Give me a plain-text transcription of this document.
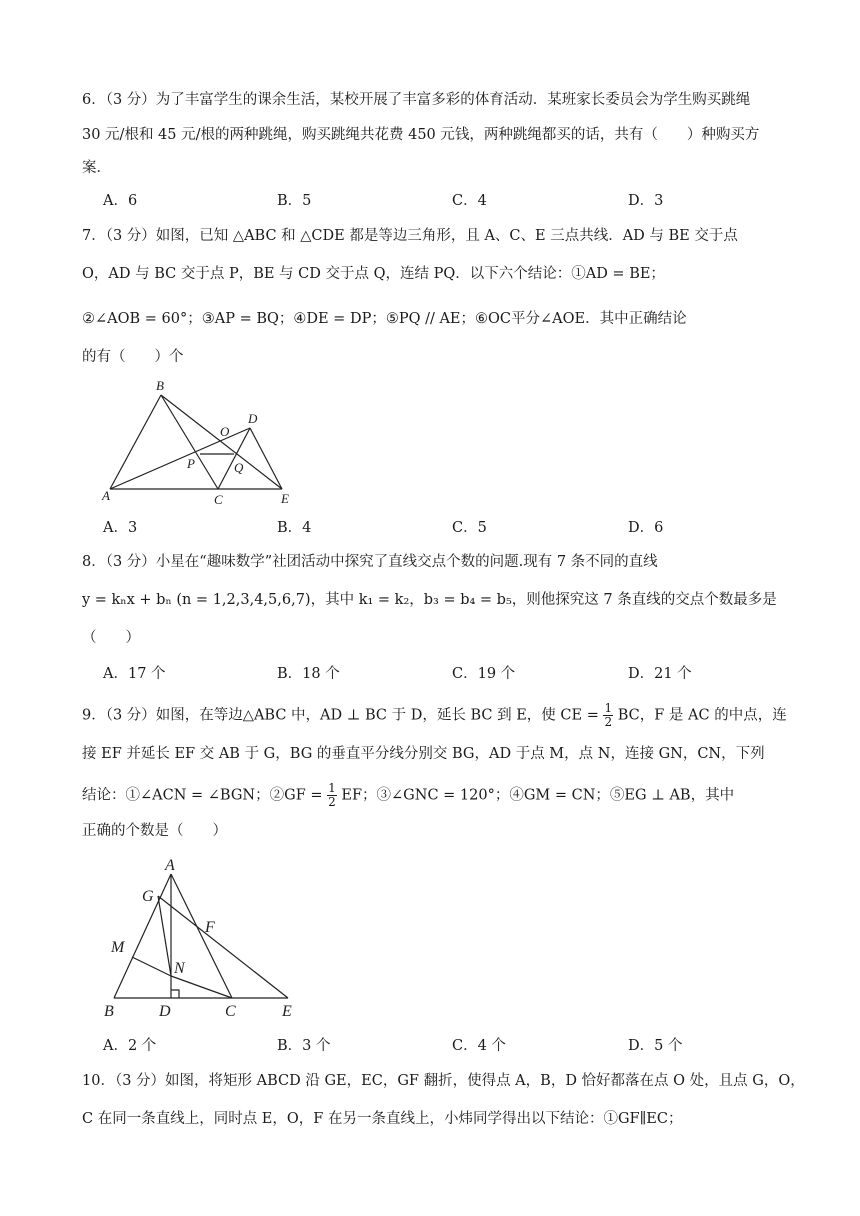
6．（3 分）为了丰富学生的课余生活，某校开展了丰富多彩的体育活动．某班家长委员会为学生购买跳绳
30 元/根和 45 元/根的两种跳绳，购买跳绳共花费 450 元钱，两种跳绳都买的话，共有（　　）种购买方
案．
A．6	B．5	C．4	D．3
7．（3 分）如图，已知 △ABC 和 △CDE 都是等边三角形，且 A、C、E 三点共线．AD 与 BE 交于点
O，AD 与 BC 交于点 P，BE 与 CD 交于点 Q，连结 PQ．以下六个结论：①AD = BE；
②∠AOB = 60°；③AP = BQ；④DE = DP；⑤PQ // AE；⑥OC平分∠AOE．其中正确结论
的有（　　）个
B
O
D
P	Q
A	C	E
A．3	B．4	C．5	D．6
8．（3 分）小星在“趣味数学”社团活动中探究了直线交点个数的问题.现有 7 条不同的直线
y = kₙx + bₙ (n = 1,2,3,4,5,6,7)，其中 k₁ = k₂，b₃ = b₄ = b₅，则他探究这 7 条直线的交点个数最多是
（　　）
A．17 个	B．18 个	C．19 个	D．21 个
9．（3 分）如图，在等边△ABC 中，AD ⊥ BC 于 D，延长 BC 到 E，使 CE = $\frac{1}{2}$ BC，F 是 AC 的中点，连
接 EF 并延长 EF 交 AB 于 G，BG 的垂直平分线分别交 BG，AD 于点 M，点 N，连接 GN，CN，下列
结论：①∠ACN = ∠BGN；②GF = $\frac{1}{2}$ EF；③∠GNC = 120°；④GM = CN；⑤EG ⊥ AB，其中
正确的个数是（　　）
A
G
F
M
N
B	D	C	E
A．2 个	B．3 个	C．4 个	D．5 个
10．（3 分）如图，将矩形 ABCD 沿 GE，EC，GF 翻折，使得点 A，B，D 恰好都落在点 O 处，且点 G，O，
C 在同一条直线上，同时点 E，O，F 在另一条直线上，小炜同学得出以下结论：①GF∥EC；
